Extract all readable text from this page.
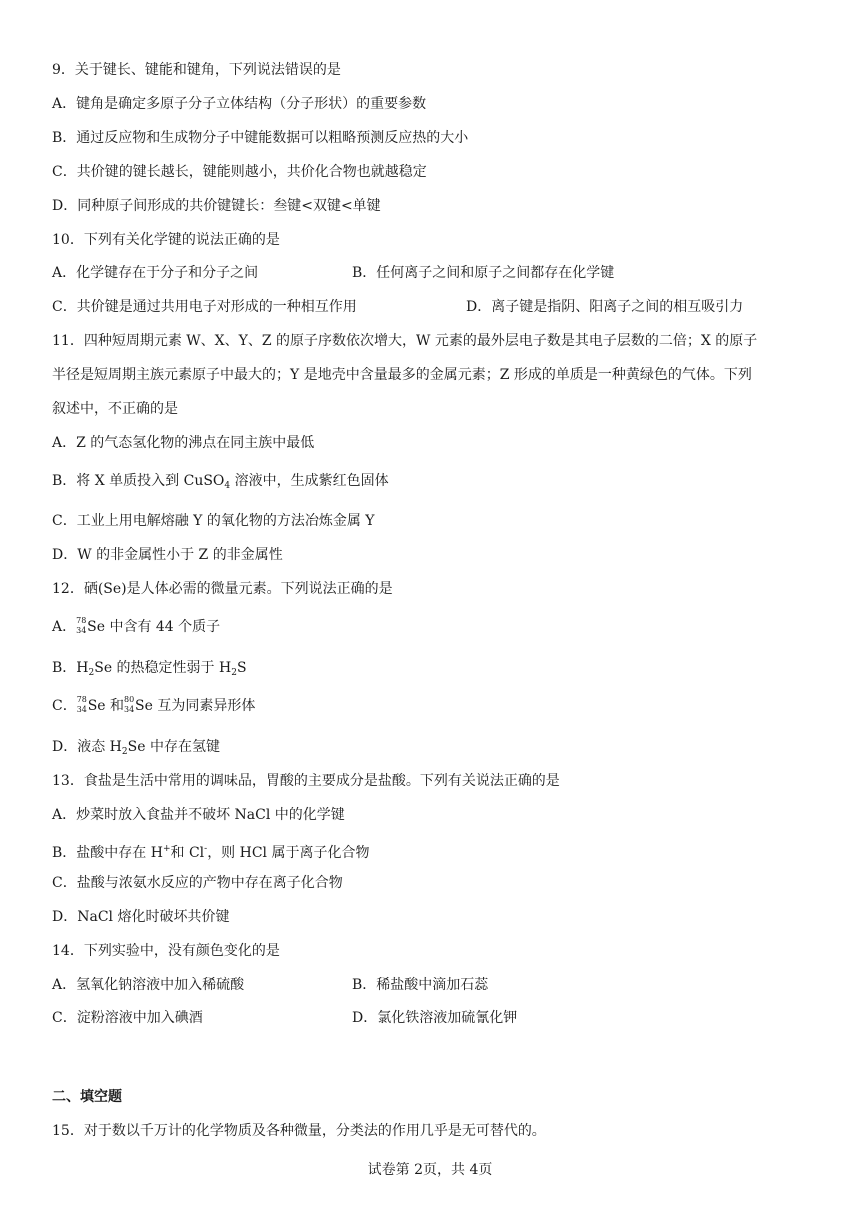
9．关于键长、键能和键角，下列说法错误的是
A．键角是确定多原子分子立体结构（分子形状）的重要参数
B．通过反应物和生成物分子中键能数据可以粗略预测反应热的大小
C．共价键的键长越长，键能则越小，共价化合物也就越稳定
D．同种原子间形成的共价键键长：叁键<双键<单键
10．下列有关化学键的说法正确的是
A．化学键存在于分子和分子之间	B．任何离子之间和原子之间都存在化学键
C．共价键是通过共用电子对形成的一种相互作用	D．离子键是指阴、阳离子之间的相互吸引力
11．四种短周期元素 W、X、Y、Z 的原子序数依次增大，W 元素的最外层电子数是其电子层数的二倍；X 的原子
半径是短周期主族元素原子中最大的；Y 是地壳中含量最多的金属元素；Z 形成的单质是一种黄绿色的气体。下列
叙述中，不正确的是
A．Z 的气态氢化物的沸点在同主族中最低
B．将 X 单质投入到 CuSO$_4$ 溶液中，生成紫红色固体
C．工业上用电解熔融 Y 的氧化物的方法冶炼金属 Y
D．W 的非金属性小于 Z 的非金属性
12．硒(Se)是人体必需的微量元素。下列说法正确的是
A． 78
34 Se 中含有 44 个质子
B．$H_2Se$ 的热稳定性弱于 $H_2S$
C． 78
34 Se 和 80
34 Se 互为同素异形体
D．液态 $H_2Se$ 中存在氢键
13．食盐是生活中常用的调味品，胃酸的主要成分是盐酸。下列有关说法正确的是
A．炒菜时放入食盐并不破坏 NaCl 中的化学键
B．盐酸中存在 H+和 Cl-，则 HCl 属于离子化合物
C．盐酸与浓氨水反应的产物中存在离子化合物
D．NaCl 熔化时破坏共价键
14．下列实验中，没有颜色变化的是
A．氢氧化钠溶液中加入稀硫酸	B．稀盐酸中滴加石蕊
C．淀粉溶液中加入碘酒	D．氯化铁溶液加硫氰化钾
二、填空题
15．对于数以千万计的化学物质及各种微量，分类法的作用几乎是无可替代的。
试卷第 2页，共 4页
